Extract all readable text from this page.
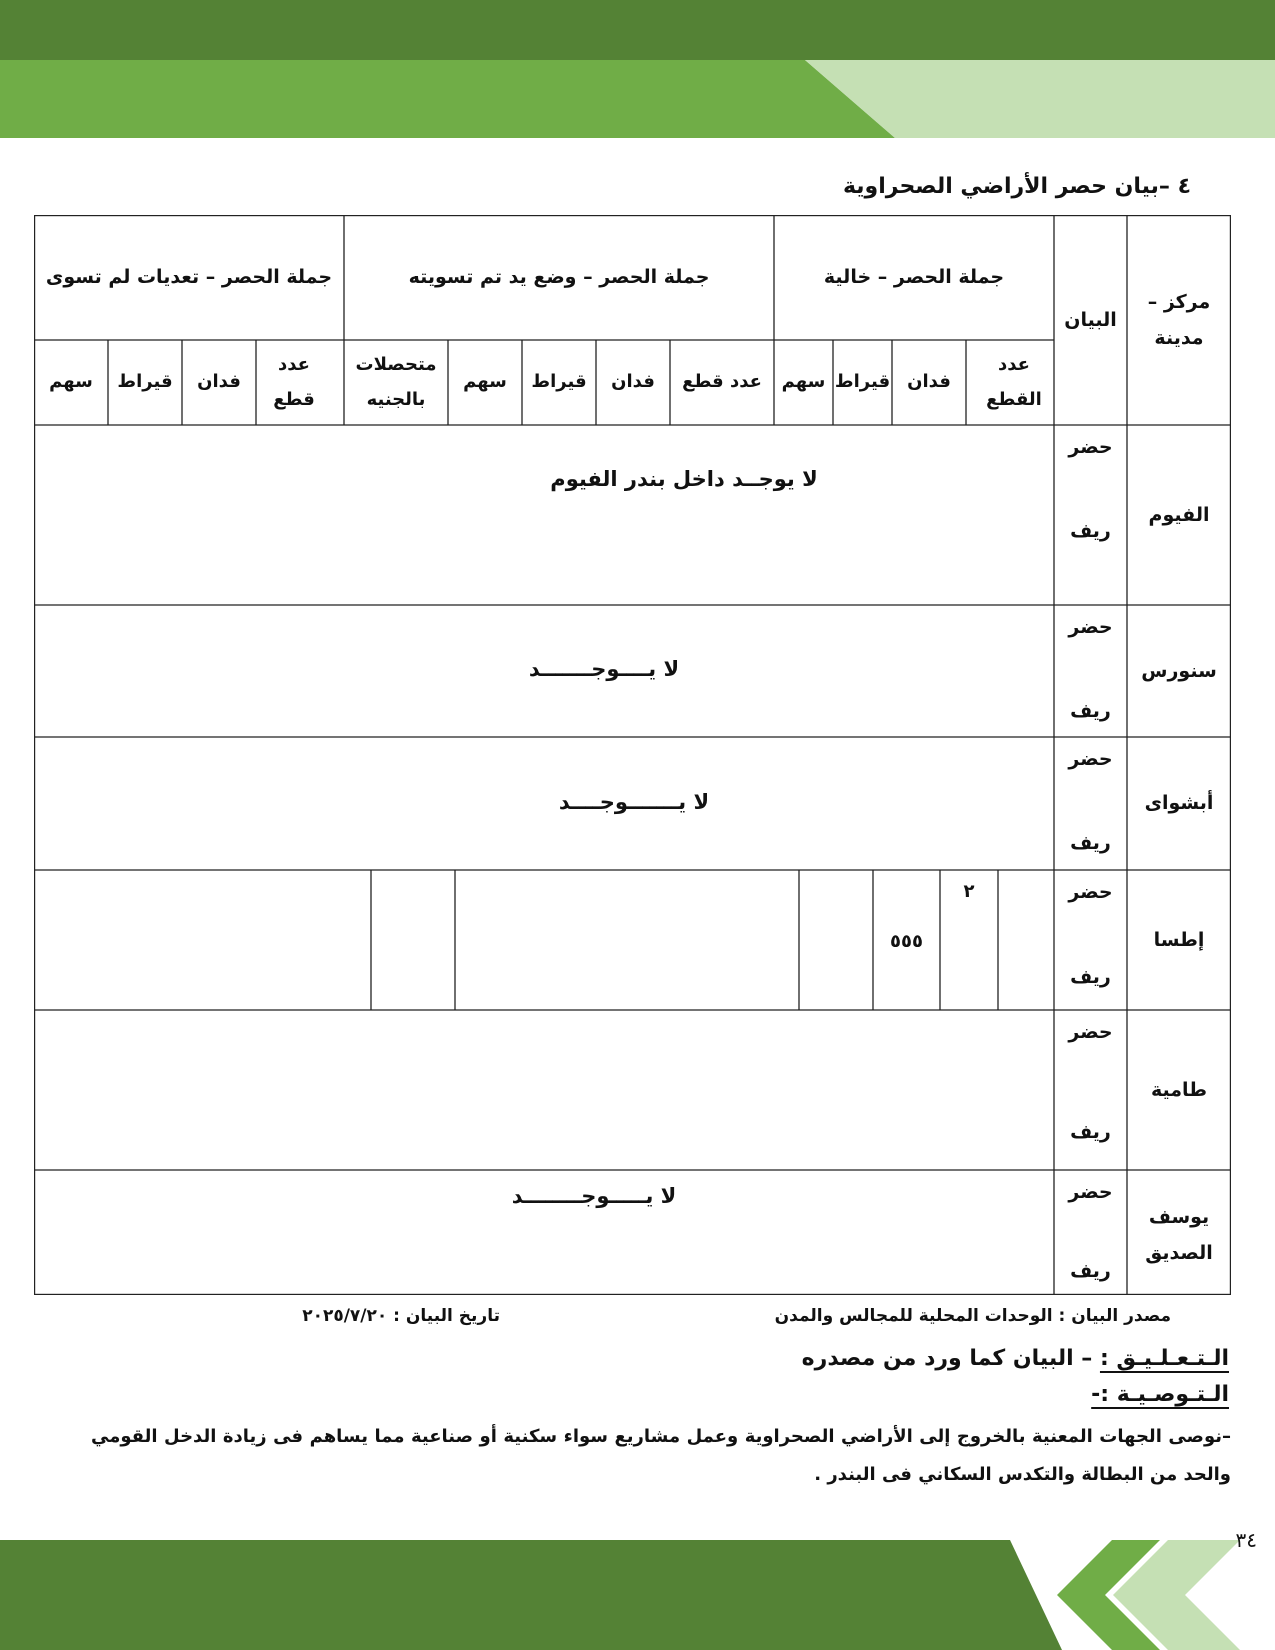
٤ –بيان حصر الأراضي الصحراوية
مركز – مدينة
البيان
جملة الحصر – خالية
جملة الحصر – وضع يد تم تسويته
جملة الحصر – تعديات لم تسوى
عدد القطع
فدان
قيراط
سهم
عدد قطع
فدان
قيراط
سهم
متحصلات بالجنيه
عدد قطع
فدان
قيراط
سهم
الفيوم
حضر
ريف
لا يوجــد داخل بندر الفيوم
سنورس
حضر
ريف
لا يــــوجـــــــد
أبشواى
حضر
ريف
لا يـــــــوجــــد
إطسا
حضر
ريف
٢
٥٥٥
طامية
حضر
ريف
يوسف الصديق
حضر
ريف
لا يـــــوجــــــــد
مصدر البيان : الوحدات المحلية للمجالس والمدن
تاريخ البيان : ٢٠٢٥/٧/٢٠
الـتـعـلـيـق : – البيان كما ورد من مصدره
الـتـوصـيـة :-
–نوصى الجهات المعنية بالخروج إلى الأراضي الصحراوية وعمل مشاريع سواء سكنية أو صناعية مما يساهم فى زيادة الدخل القومي والحد من البطالة والتكدس السكاني فى البندر .
٣٤
